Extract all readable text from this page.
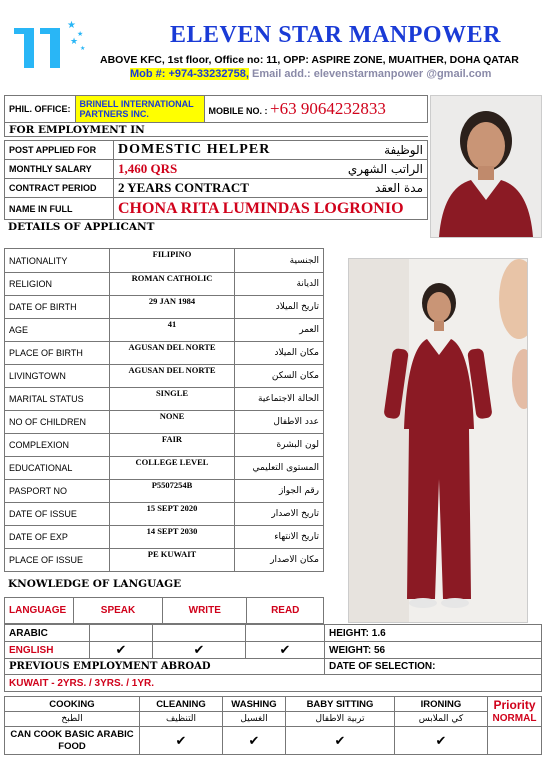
★
★
★
★
ELEVEN STAR MANPOWER
ABOVE KFC, 1st floor, Office no: 11, OPP: ASPIRE ZONE, MUAITHER, DOHA QATAR
Mob #: +974-33232758, Email add.: elevenstarmanpower @gmail.com
PHIL. OFFICE:	BRINELL INTERNATIONAL PARTNERS INC.	MOBILE NO. : +63 9064232833
FOR EMPLOYMENT IN
POST APPLIED FOR	DOMESTIC HELPER	الوظيفة
MONTHLY SALARY	1,460 QRS	الراتب الشهري
CONTRACT PERIOD	2 YEARS CONTRACT	مدة العقد
NAME IN FULL	CHONA RITA LUMINDAS LOGRONIO	
DETAILS OF APPLICANT
NATIONALITY	FILIPINO	الجنسية
RELIGION	ROMAN CATHOLIC	الديانة
DATE OF BIRTH	29 JAN 1984	تاريخ الميلاد
AGE	41	العمر
PLACE OF BIRTH	AGUSAN DEL NORTE	مكان الميلاد
LIVINGTOWN	AGUSAN DEL NORTE	مكان السكن
MARITAL STATUS	SINGLE	الحالة الاجتماعية
NO OF CHILDREN	NONE	عدد الاطفال
COMPLEXION	FAIR	لون البشرة
EDUCATIONAL	COLLEGE LEVEL	المستوى التعليمي
PASPORT NO	P5507254B	رقم الجواز
DATE OF ISSUE	15 SEPT 2020	تاريخ الاصدار
DATE OF EXP	14 SEPT 2030	تاريخ الانتهاء
PLACE OF ISSUE	PE KUWAIT	مكان الاصدار
KNOWLEDGE OF LANGUAGE
LANGUAGE	SPEAK	WRITE	READ
ARABIC				HEIGHT: 1.6
ENGLISH	✔	✔	✔	WEIGHT: 56
PREVIOUS EMPLOYMENT ABROAD				DATE OF SELECTION:
KUWAIT - 2YRS. / 3YRS. / 1YR.				
COOKING	CLEANING	WASHING	BABY SITTING	IRONING	Priority
NORMAL

الطبخ	التنظيف	الغسيل	تربية الاطفال	كي الملابس	
CAN COOK BASIC ARABIC FOOD	✔	✔	✔	✔	
